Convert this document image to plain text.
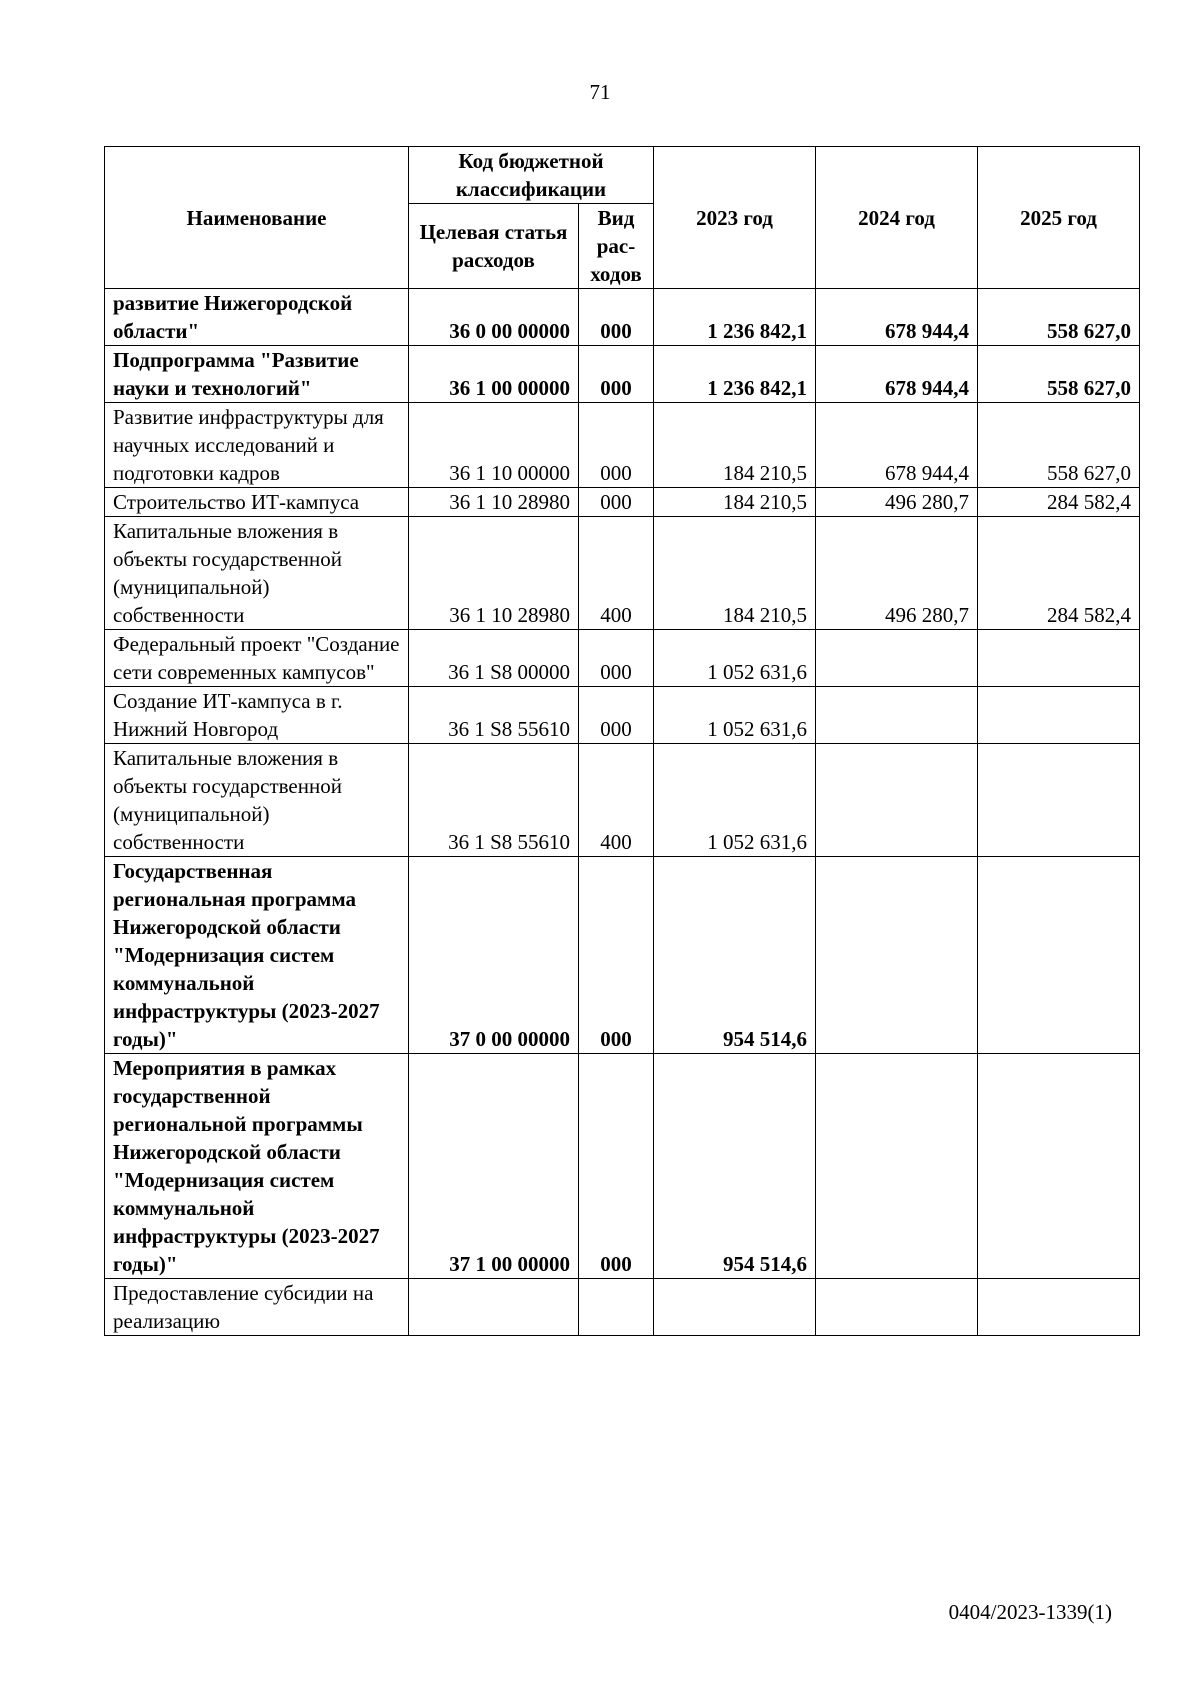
71
Наименование	Код бюджетной классификации		2023 год	2024 год	2025 год
	Целевая статья расходов	Вид рас-ходов			
развитие Нижегородской области"	36 0 00 00000	000	1 236 842,1	678 944,4	558 627,0
Подпрограмма "Развитие науки и технологий"	36 1 00 00000	000	1 236 842,1	678 944,4	558 627,0
Развитие инфраструктуры для научных исследований и подготовки кадров	36 1 10 00000	000	184 210,5	678 944,4	558 627,0
Строительство ИТ-кампуса	36 1 10 28980	000	184 210,5	496 280,7	284 582,4
Капитальные вложения в объекты государственной (муниципальной) собственности	36 1 10 28980	400	184 210,5	496 280,7	284 582,4
Федеральный проект "Создание сети современных кампусов"	36 1 S8 00000	000	1 052 631,6		
Создание ИТ-кампуса в г. Нижний Новгород	36 1 S8 55610	000	1 052 631,6		
Капитальные вложения в объекты государственной (муниципальной) собственности	36 1 S8 55610	400	1 052 631,6		
Государственная региональная программа Нижегородской области "Модернизация систем коммунальной инфраструктуры (2023-2027 годы)"	37 0 00 00000	000	954 514,6		
Мероприятия в рамках государственной региональной программы Нижегородской области "Модернизация систем коммунальной инфраструктуры (2023-2027 годы)"	37 1 00 00000	000	954 514,6		
Предоставление субсидии на реализацию					
0404/2023-1339(1)
